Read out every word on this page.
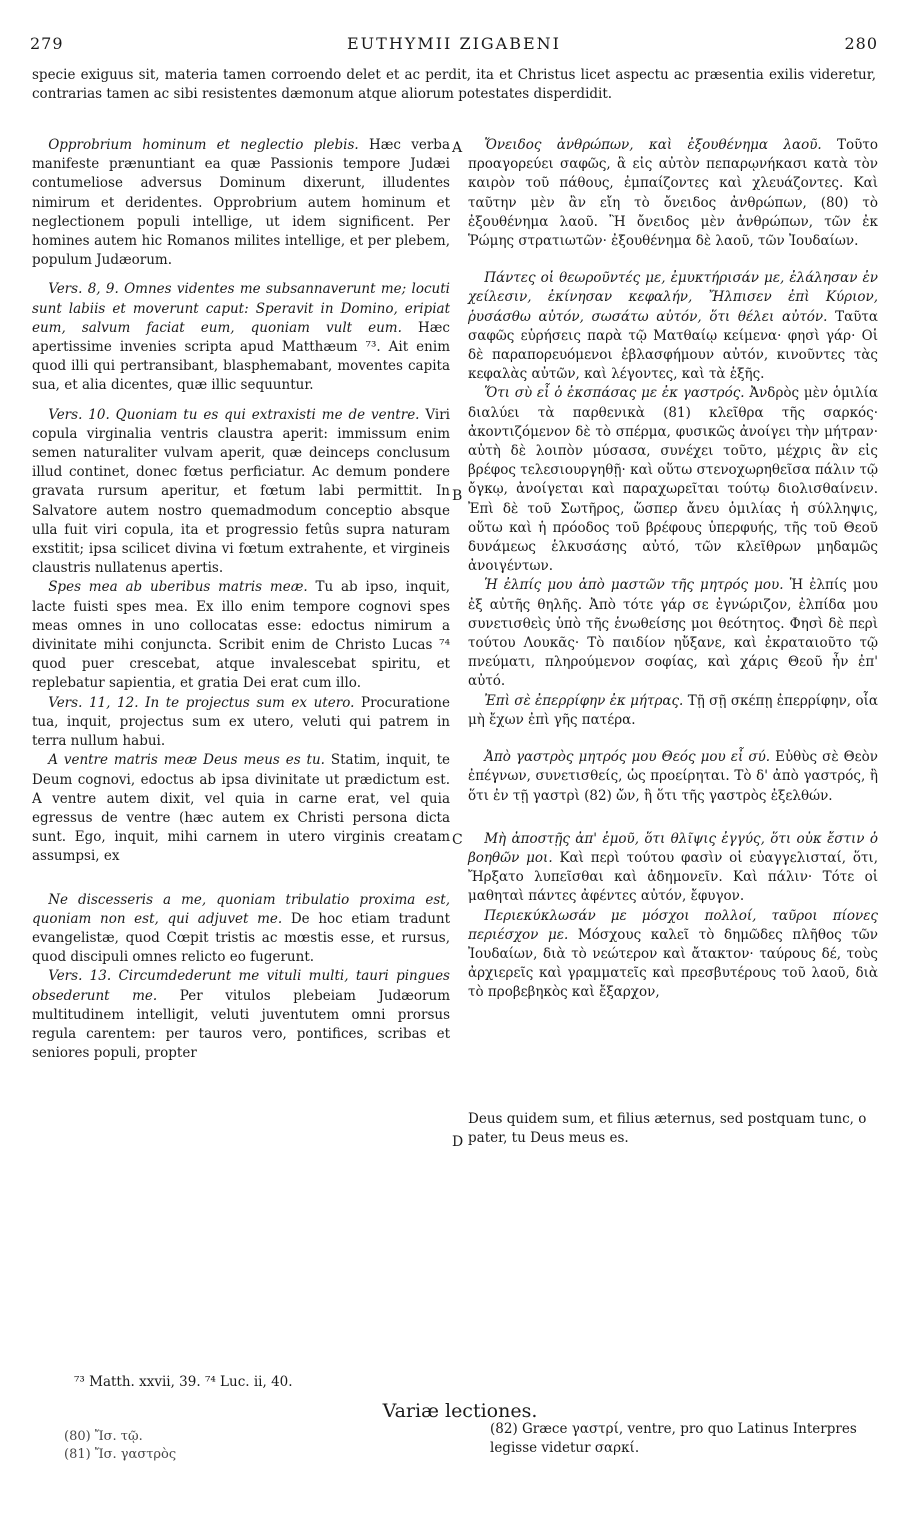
279	EUTHYMII ZIGABENI	280

specie exiguus sit, materia tamen corroendo delet et ac perdit, ita et Christus licet aspectu ac præsentia exilis videretur, contrarias tamen ac sibi resistentes dæmonum atque aliorum potestates disperdidit.

Opprobrium hominum et neglectio plebis. Hæc verba manifeste prænuntiant ea quæ Passionis tempore Judæi contumeliose adversus Dominum dixerunt, illudentes nimirum et deridentes. Opprobrium autem hominum et neglectionem populi intellige, ut idem significent. Per homines autem hic Romanos milites intellige, et per plebem, populum Judæorum.

Vers. 8, 9. Omnes videntes me subsannaverunt me; locuti sunt labiis et moverunt caput: Speravit in Domino, eripiat eum, salvum faciat eum, quoniam vult eum. Hæc apertissime invenies scripta apud Matthæum ⁷³. Ait enim quod illi qui pertransibant, blasphemabant, moventes capita sua, et alia dicentes, quæ illic sequuntur.

Vers. 10. Quoniam tu es qui extraxisti me de ventre. Viri copula virginalia ventris claustra aperit: immissum enim semen naturaliter vulvam aperit, quæ deinceps conclusum illud continet, donec fœtus perficiatur. Ac demum pondere gravata rursum aperitur, et fœtum labi permittit. In Salvatore autem nostro quemadmodum conceptio absque ulla fuit viri copula, ita et progressio fetûs supra naturam exstitit; ipsa scilicet divina vi fœtum extrahente, et virgineis claustris nullatenus apertis.

Spes mea ab uberibus matris meæ. Tu ab ipso, inquit, lacte fuisti spes mea. Ex illo enim tempore cognovi spes meas omnes in uno collocatas esse: edoctus nimirum a divinitate mihi conjuncta. Scribit enim de Christo Lucas ⁷⁴ quod puer crescebat, atque invalescebat spiritu, et replebatur sapientia, et gratia Dei erat cum illo.

Vers. 11, 12. In te projectus sum ex utero. Procuratione tua, inquit, projectus sum ex utero, veluti qui patrem in terra nullum habui.

A ventre matris meæ Deus meus es tu. Statim, inquit, te Deum cognovi, edoctus ab ipsa divinitate ut prædictum est. A ventre autem dixit, vel quia in carne erat, vel quia egressus de ventre (hæc autem ex Christi persona dicta sunt. Ego, inquit, mihi carnem in utero virginis creatam assumpsi, ex

Ne discesseris a me, quoniam tribulatio proxima est, quoniam non est, qui adjuvet me. De hoc etiam tradunt evangelistæ, quod Cœpit tristis ac mœstis esse, et rursus, quod discipuli omnes relicto eo fugerunt.

Vers. 13. Circumdederunt me vituli multi, tauri pingues obsederunt me. Per vitulos plebeiam Judæorum multitudinem intelligit, veluti juventutem omni prorsus regula carentem: per tauros vero, pontifices, scribas et seniores populi, propter

Ὄνειδος ἀνθρώπων, καὶ ἐξουθένημα λαοῦ. Τοῦτο προαγορεύει σαφῶς, ἃ εἰς αὐτὸν πεπαρῳνήκασι κατὰ τὸν καιρὸν τοῦ πάθους, ἐμπαίζοντες καὶ χλευάζοντες. Καὶ ταῦτην μὲν ἂν εἴη τὸ ὄνειδος ἀνθρώπων, (80) τὸ ἐξουθένημα λαοῦ. Ἢ ὄνειδος μὲν ἀνθρώπων, τῶν ἐκ Ῥώμης στρατιωτῶν· ἐξουθένημα δὲ λαοῦ, τῶν Ἰουδαίων.

Πάντες οἱ θεωροῦντές με, ἐμυκτήρισάν με, ἐλάλησαν ἐν χείλεσιν, ἐκίνησαν κεφαλήν, Ἤλπισεν ἐπὶ Κύριον, ῥυσάσθω αὐτόν, σωσάτω αὐτόν, ὅτι θέλει αὐτόν. Ταῦτα σαφῶς εὑρήσεις παρὰ τῷ Ματθαίῳ κείμενα· φησὶ γάρ· Οἱ δὲ παραπορευόμενοι ἐβλασφήμουν αὐτόν, κινοῦντες τὰς κεφαλὰς αὐτῶν, καὶ λέγοντες, καὶ τὰ ἑξῆς.

Ὅτι σὺ εἶ ὁ ἐκσπάσας με ἐκ γαστρός. Ἀνδρὸς μὲν ὁμιλία διαλύει τὰ παρθενικὰ (81) κλεῖθρα τῆς σαρκός· ἀκοντιζόμενον δὲ τὸ σπέρμα, φυσικῶς ἀνοίγει τὴν μήτραν· αὐτὴ δὲ λοιπὸν μύσασα, συνέχει τοῦτο, μέχρις ἂν εἰς βρέφος τελεσιουργηθῇ· καὶ οὕτω στενοχωρηθεῖσα πάλιν τῷ ὄγκῳ, ἀνοίγεται καὶ παραχωρεῖται τούτῳ διολισθαίνειν. Ἐπὶ δὲ τοῦ Σωτῆρος, ὥσπερ ἄνευ ὁμιλίας ἡ σύλληψις, οὕτω καὶ ἡ πρόοδος τοῦ βρέφους ὑπερφυής, τῆς τοῦ Θεοῦ δυνάμεως ἑλκυσάσης αὐτό, τῶν κλεῖθρων μηδαμῶς ἀνοιγέντων.

Ἡ ἐλπίς μου ἀπὸ μαστῶν τῆς μητρός μου. Ἡ ἐλπίς μου ἐξ αὐτῆς θηλῆς. Ἀπὸ τότε γάρ σε ἐγνώριζον, ἐλπίδα μου συνετισθεὶς ὑπὸ τῆς ἑνωθείσης μοι θεότητος. Φησὶ δὲ περὶ τούτου Λουκᾶς· Τὸ παιδίον ηὔξανε, καὶ ἐκραταιοῦτο τῷ πνεύματι, πληρούμενον σοφίας, καὶ χάρις Θεοῦ ἦν ἐπ' αὐτό.

Ἐπὶ σὲ ἐπερρίφην ἐκ μήτρας. Τῇ σῇ σκέπῃ ἐπερρίφην, οἷα μὴ ἔχων ἐπὶ γῆς πατέρα.

Ἀπὸ γαστρὸς μητρός μου Θεός μου εἶ σύ. Εὐθὺς σὲ Θεὸν ἐπέγνων, συνετισθείς, ὡς προείρηται. Τὸ δ' ἀπὸ γαστρός, ἢ ὅτι ἐν τῇ γαστρὶ (82) ὤν, ἢ ὅτι τῆς γαστρὸς ἐξελθών.

Μὴ ἀποστῇς ἀπ' ἐμοῦ, ὅτι θλῖψις ἐγγύς, ὅτι οὐκ ἔστιν ὁ βοηθῶν μοι. Καὶ περὶ τούτου φασὶν οἱ εὐαγγελισταί, ὅτι, Ἤρξατο λυπεῖσθαι καὶ ἀδημονεῖν. Καὶ πάλιν· Τότε οἱ μαθηταὶ πάντες ἀφέντες αὐτόν, ἔφυγον.

Περιεκύκλωσάν με μόσχοι πολλοί, ταῦροι πίονες περιέσχον με. Μόσχους καλεῖ τὸ δημῶδες πλῆθος τῶν Ἰουδαίων, διὰ τὸ νεώτερον καὶ ἄτακτον· ταύρους δέ, τοὺς ἀρχιερεῖς καὶ γραμματεῖς καὶ πρεσβυτέρους τοῦ λαοῦ, διὰ τὸ προβεβηκὸς καὶ ἔξαρχον,

A
B
C
D
Deus quidem sum, et filius æternus, sed postquam tunc, o pater, tu Deus meus es.
⁷³ Matth. xxvii, 39. ⁷⁴ Luc. ii, 40.
Variæ lectiones.
(80) Ἴσ. τῷ.
(81) Ἴσ. γαστρὸς
(82) Græce γαστρί, ventre, pro quo Latinus Interpres legisse videtur σαρκί.
